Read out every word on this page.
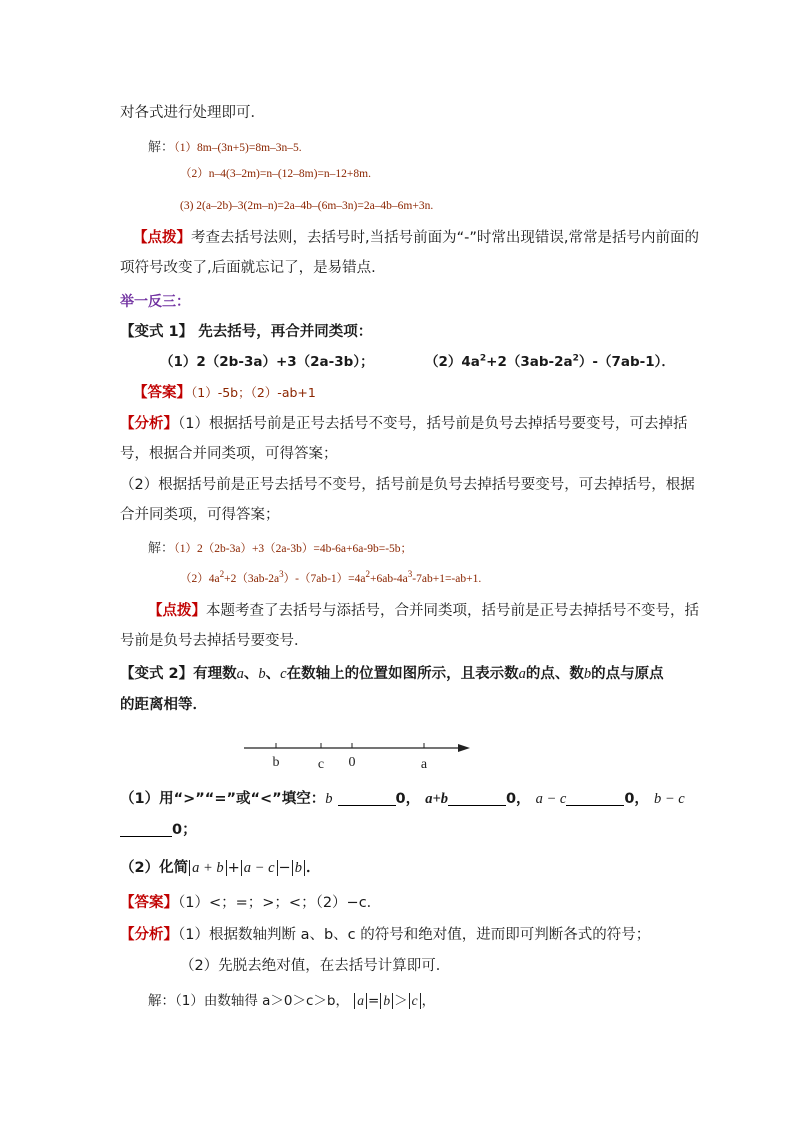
对各式进行处理即可．
解：（1）8m–(3n+5)=8m–3n–5.
（2）n–4(3–2m)=n–(12–8m)=n–12+8m.
(3) 2(a–2b)–3(2m–n)=2a–4b–(6m–3n)=2a–4b–6m+3n.
【点拨】考查去括号法则，去括号时,当括号前面为“-”时常出现错误,常常是括号内前面的
项符号改变了,后面就忘记了，是易错点.
举一反三：
【变式 1】 先去括号，再合并同类项：
（1）2（2b-3a）+3（2a-3b）；	$(2)4a^2+2(3ab-2a^2)-(7ab-1)$．
【答案】（1）-5b；（2）-ab+1
【分析】（1）根据括号前是正号去括号不变号，括号前是负号去掉括号要变号，可去掉括
号，根据合并同类项，可得答案；
（2）根据括号前是正号去括号不变号，括号前是负号去掉括号要变号，可去掉括号，根据
合并同类项，可得答案；
解：（1）2（2b-3a）+3（2a-3b）=4b-6a+6a-9b=-5b；
$(2)4a^2+2(3ab-2a^3)-(7ab-1)=4a^2+6ab-4a^3-7ab+1=-ab+1$.
【点拨】本题考查了去括号与添括号，合并同类项，括号前是正号去掉括号不变号，括
号前是负号去掉括号要变号．
【变式 2】有理数a、b、c在数轴上的位置如图所示，且表示数a的点、数b的点与原点
的距离相等．
b	c 0	a
（1）用“>”“=”或“<”填空：b	0， a+b	0， a − c	0， b − c
0；
（2）化简 a + b + a − c − b ．
【答案】（1）<；=；>；<；（2）−c．
【分析】（1）根据数轴判断 a、b、c 的符号和绝对值，进而即可判断各式的符号；
（2）先脱去绝对值，在去括号计算即可．
解：（1）由数轴得 a＞0＞c＞b， a = b ＞ c ，
